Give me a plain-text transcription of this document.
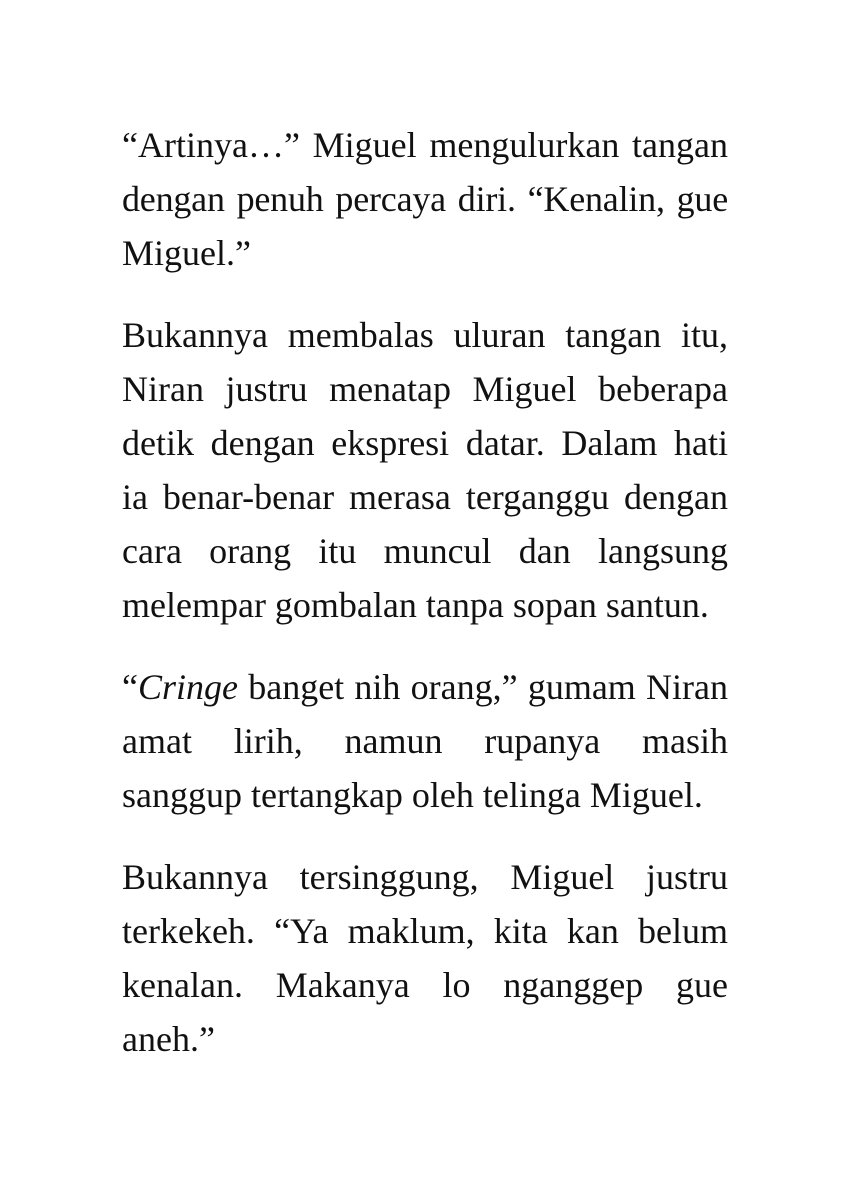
“Artinya…” Miguel mengulurkan tangan
dengan penuh percaya diri. “Kenalin, gue
Miguel.”

Bukannya membalas uluran tangan itu,
Niran justru menatap Miguel beberapa
detik dengan ekspresi datar. Dalam hati
ia benar-benar merasa terganggu dengan
cara orang itu muncul dan langsung
melempar gombalan tanpa sopan santun.

“Cringe banget nih orang,” gumam Niran
amat lirih, namun rupanya masih
sanggup tertangkap oleh telinga Miguel.

Bukannya tersinggung, Miguel justru
terkekeh. “Ya maklum, kita kan belum
kenalan. Makanya lo nganggep gue
aneh.”
